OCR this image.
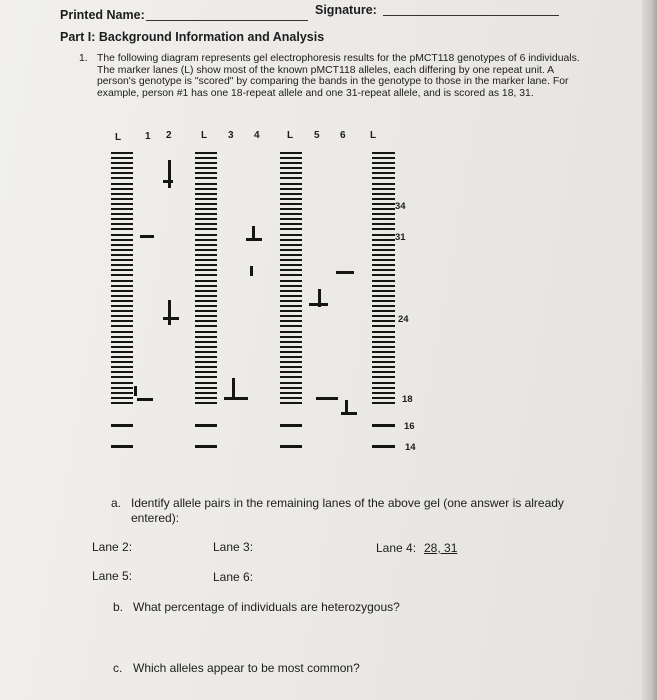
Printed Name:	Signature:
Part I: Background Information and Analysis
1. The following diagram represents gel electrophoresis results for the pMCT118 genotypes of 6 individuals. The marker lanes (L) show most of the known pMCT118 alleles, each differing by one repeat unit. A person's genotype is "scored" by comparing the bands in the genotype to those in the marker lane. For example, person #1 has one 18-repeat allele and one 31-repeat allele, and is scored as 18, 31.
L 1 2	L 3 4	L 5 6 L
34
31
24
18
16
14
a. Identify allele pairs in the remaining lanes of the above gel (one answer is already entered):
Lane 2:	Lane 3:	Lane 4: 28, 31
Lane 5:	Lane 6:
b. What percentage of individuals are heterozygous?
c. Which alleles appear to be most common?
